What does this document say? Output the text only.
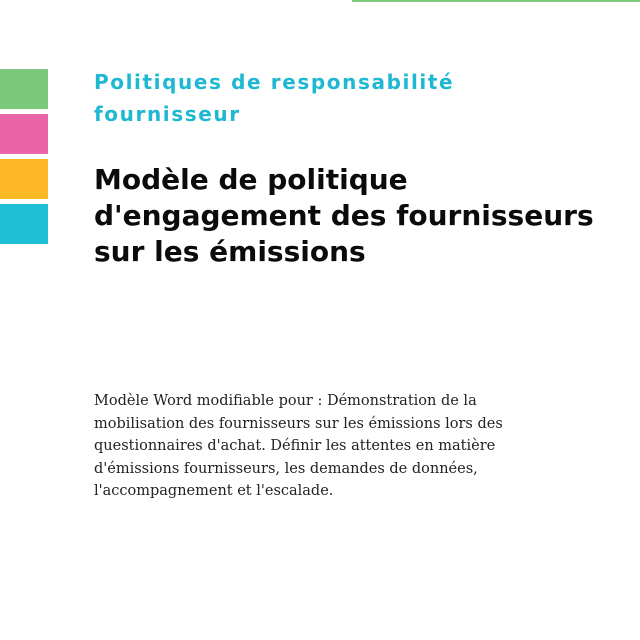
Politiques de responsabilité fournisseur

Modèle de politique d'engagement des fournisseurs sur les émissions

Modèle Word modifiable pour : Démonstration de la mobilisation des fournisseurs sur les émissions lors des questionnaires d'achat. Définir les attentes en matière d'émissions fournisseurs, les demandes de données, l'accompagnement et l'escalade.
